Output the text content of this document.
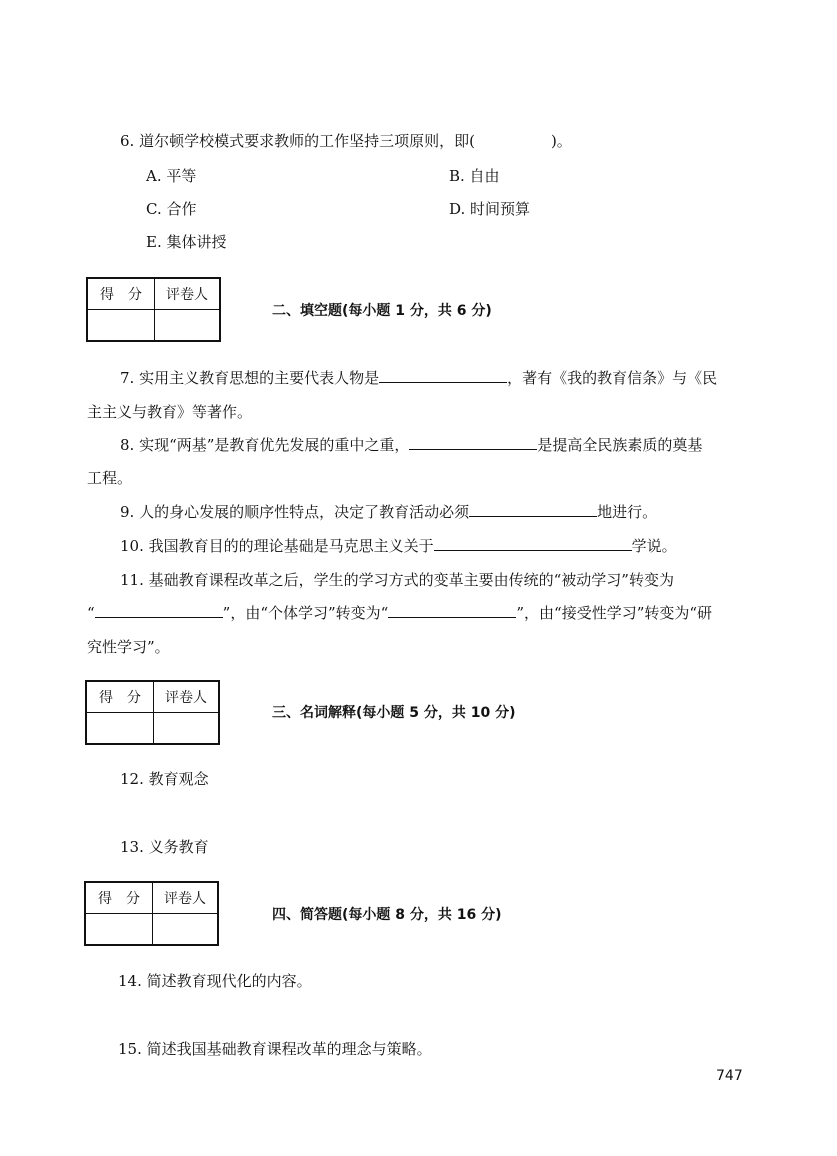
6. 道尔顿学校模式要求教师的工作坚持三项原则，即(	)。
A. 平等	B. 自由
C. 合作	D. 时间预算
E. 集体讲授
得　分	评卷人

二、填空题(每小题 1 分，共 6 分)
7. 实用主义教育思想的主要代表人物是	，著有《我的教育信条》与《民
主主义与教育》等著作。
8. 实现“两基”是教育优先发展的重中之重，	是提高全民族素质的奠基
工程。
9. 人的身心发展的顺序性特点，决定了教育活动必须	地进行。
10. 我国教育目的的理论基础是马克思主义关于	学说。
11. 基础教育课程改革之后，学生的学习方式的变革主要由传统的“被动学习”转变为
“	”，由“个体学习”转变为“	”，由“接受性学习”转变为“研
究性学习”。
得　分	评卷人

三、名词解释(每小题 5 分，共 10 分)
12. 教育观念
13. 义务教育
得　分	评卷人

四、简答题(每小题 8 分，共 16 分)
14. 简述教育现代化的内容。
15. 简述我国基础教育课程改革的理念与策略。
747
